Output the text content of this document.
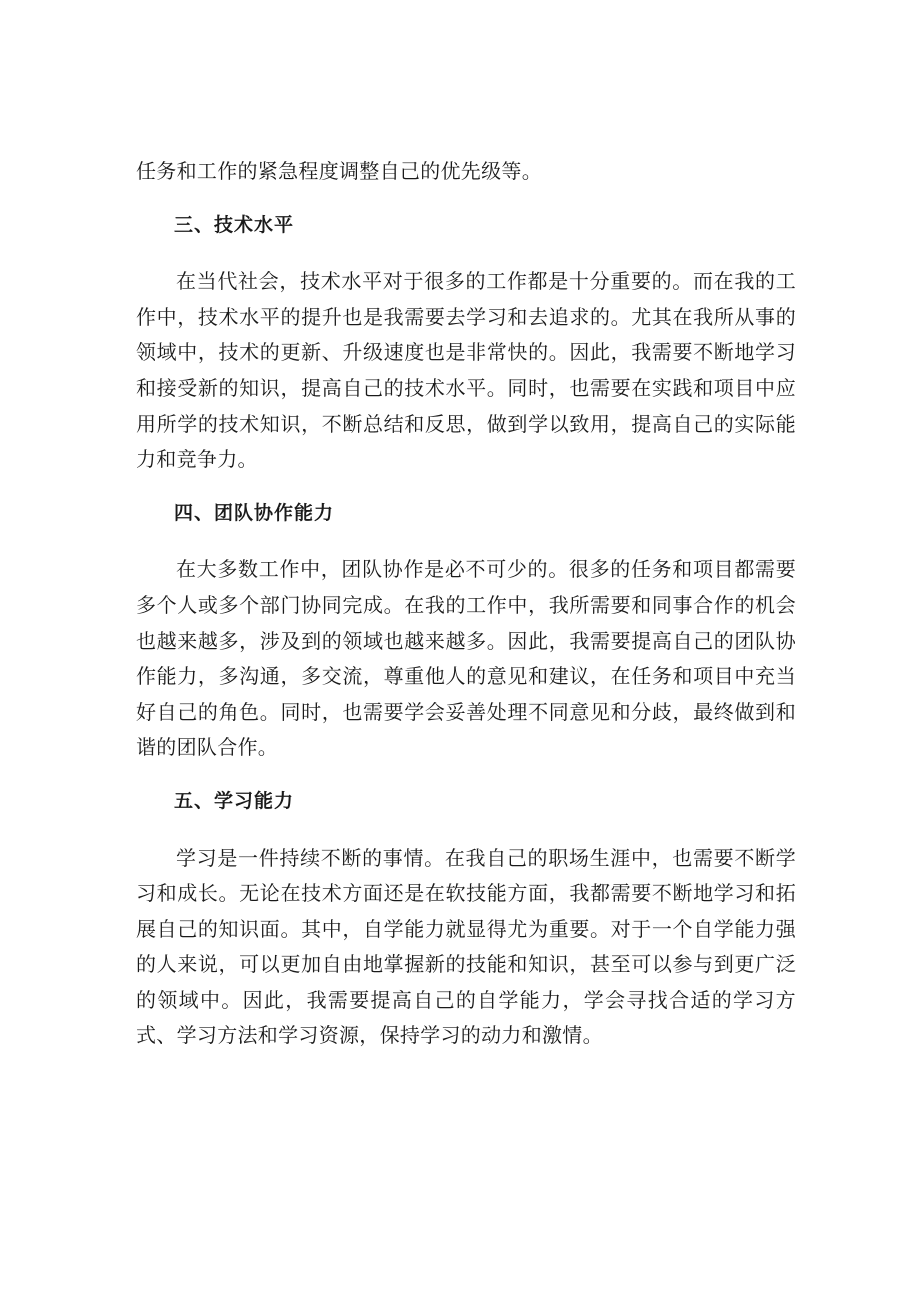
任务和工作的紧急程度调整自己的优先级等。

三、技术水平

在当代社会，技术水平对于很多的工作都是十分重要的。而在我的工作中，技术水平的提升也是我需要去学习和去追求的。尤其在我所从事的领域中，技术的更新、升级速度也是非常快的。因此，我需要不断地学习和接受新的知识，提高自己的技术水平。同时，也需要在实践和项目中应用所学的技术知识，不断总结和反思，做到学以致用，提高自己的实际能力和竞争力。

四、团队协作能力

在大多数工作中，团队协作是必不可少的。很多的任务和项目都需要多个人或多个部门协同完成。在我的工作中，我所需要和同事合作的机会也越来越多，涉及到的领域也越来越多。因此，我需要提高自己的团队协作能力，多沟通，多交流，尊重他人的意见和建议，在任务和项目中充当好自己的角色。同时，也需要学会妥善处理不同意见和分歧，最终做到和谐的团队合作。

五、学习能力

学习是一件持续不断的事情。在我自己的职场生涯中，也需要不断学习和成长。无论在技术方面还是在软技能方面，我都需要不断地学习和拓展自己的知识面。其中，自学能力就显得尤为重要。对于一个自学能力强的人来说，可以更加自由地掌握新的技能和知识，甚至可以参与到更广泛的领域中。因此，我需要提高自己的自学能力，学会寻找合适的学习方式、学习方法和学习资源，保持学习的动力和激情。
